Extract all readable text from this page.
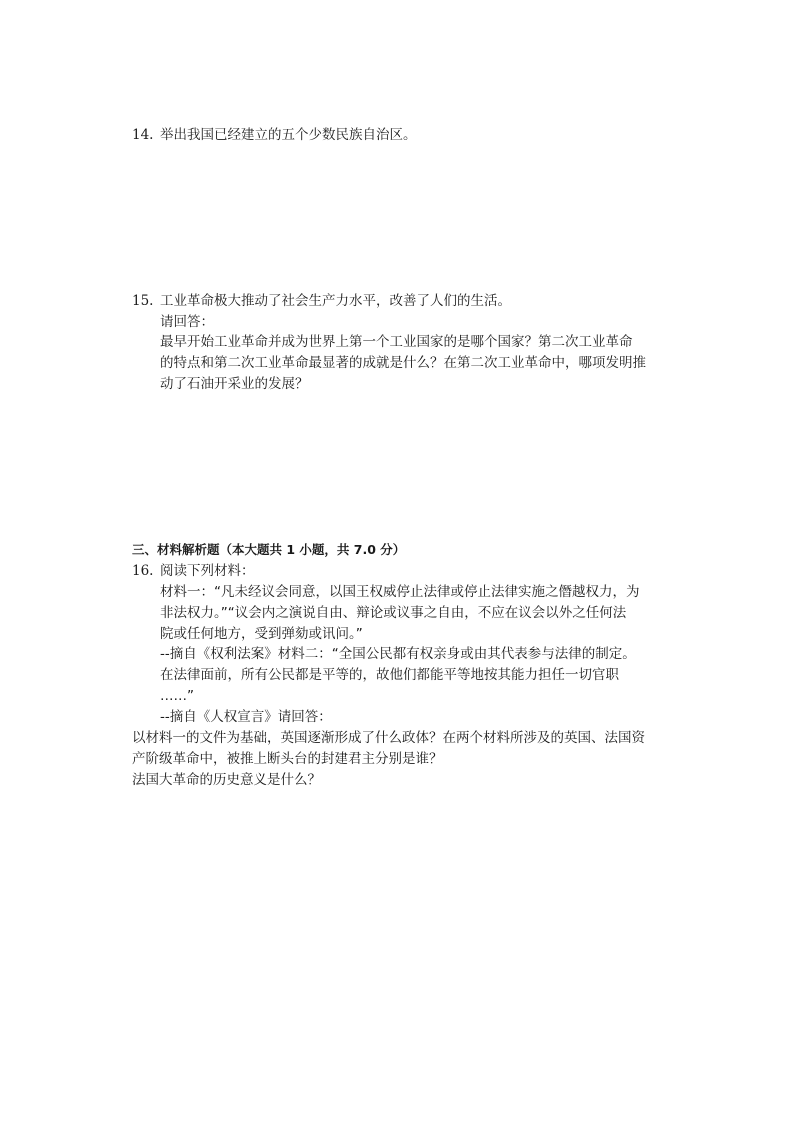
14. 举出我国已经建立的五个少数民族自治区。
15. 工业革命极大推动了社会生产力水平，改善了人们的生活。
请回答：
最早开始工业革命并成为世界上第一个工业国家的是哪个国家？第二次工业革命
的特点和第二次工业革命最显著的成就是什么？在第二次工业革命中，哪项发明推
动了石油开采业的发展？
三、材料解析题（本大题共 1 小题，共 7.0 分）
16. 阅读下列材料：
材料一：“凡未经议会同意，以国王权威停止法律或停止法律实施之僭越权力，为
非法权力。”“议会内之演说自由、辩论或议事之自由，不应在议会以外之任何法
院或任何地方，受到弹劾或讯问。”
--摘自《权利法案》材料二：“全国公民都有权亲身或由其代表参与法律的制定。
在法律面前，所有公民都是平等的，故他们都能平等地按其能力担任一切官职
……”
--摘自《人权宣言》请回答：
以材料一的文件为基础，英国逐渐形成了什么政体？在两个材料所涉及的英国、法国资
产阶级革命中，被推上断头台的封建君主分别是谁？
法国大革命的历史意义是什么？
